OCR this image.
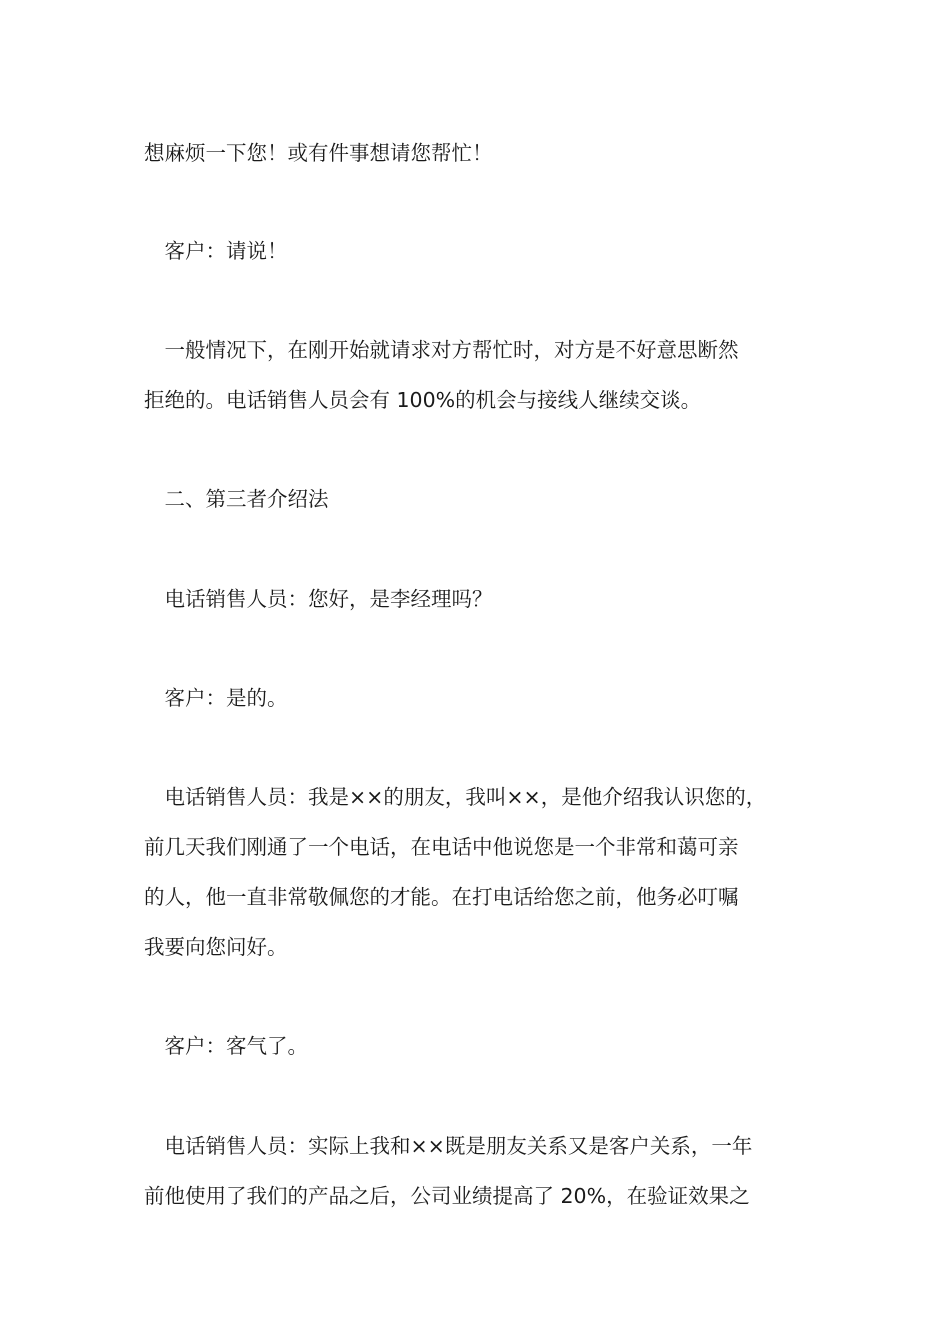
想麻烦一下您！或有件事想请您帮忙！

　客户：请说！

　一般情况下，在刚开始就请求对方帮忙时，对方是不好意思断然
拒绝的。电话销售人员会有 100%的机会与接线人继续交谈。

　二、第三者介绍法

　电话销售人员：您好，是李经理吗？

　客户：是的。

　电话销售人员：我是××的朋友，我叫××，是他介绍我认识您的，
前几天我们刚通了一个电话，在电话中他说您是一个非常和蔼可亲
的人，他一直非常敬佩您的才能。在打电话给您之前，他务必叮嘱
我要向您问好。

　客户：客气了。

　电话销售人员：实际上我和××既是朋友关系又是客户关系，一年
前他使用了我们的产品之后，公司业绩提高了 20%，在验证效果之
